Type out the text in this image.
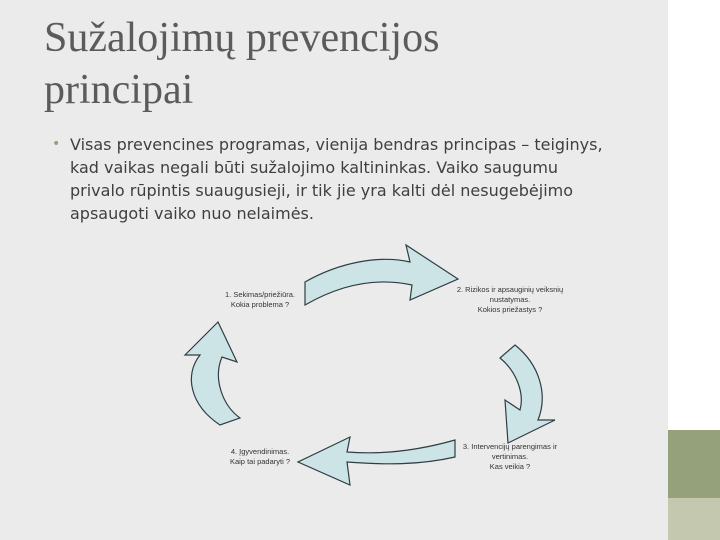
Sužalojimų prevencijos
principai
• Visas prevencines programas, vienija bendras principas – teiginys, kad vaikas negali būti sužalojimo kaltininkas. Vaiko saugumu privalo rūpintis suaugusieji, ir tik jie yra kalti dėl nesugebėjimo apsaugoti vaiko nuo nelaimės.
1. Sekimas/priežiūra.
Kokia problema ?
2. Rizikos ir apsauginių veiksnių
nustatymas.
Kokios priežastys ?
3. Intervencijų parengimas ir
vertinimas.
Kas veikia ?
4. Įgyvendinimas.
Kaip tai padaryti ?
